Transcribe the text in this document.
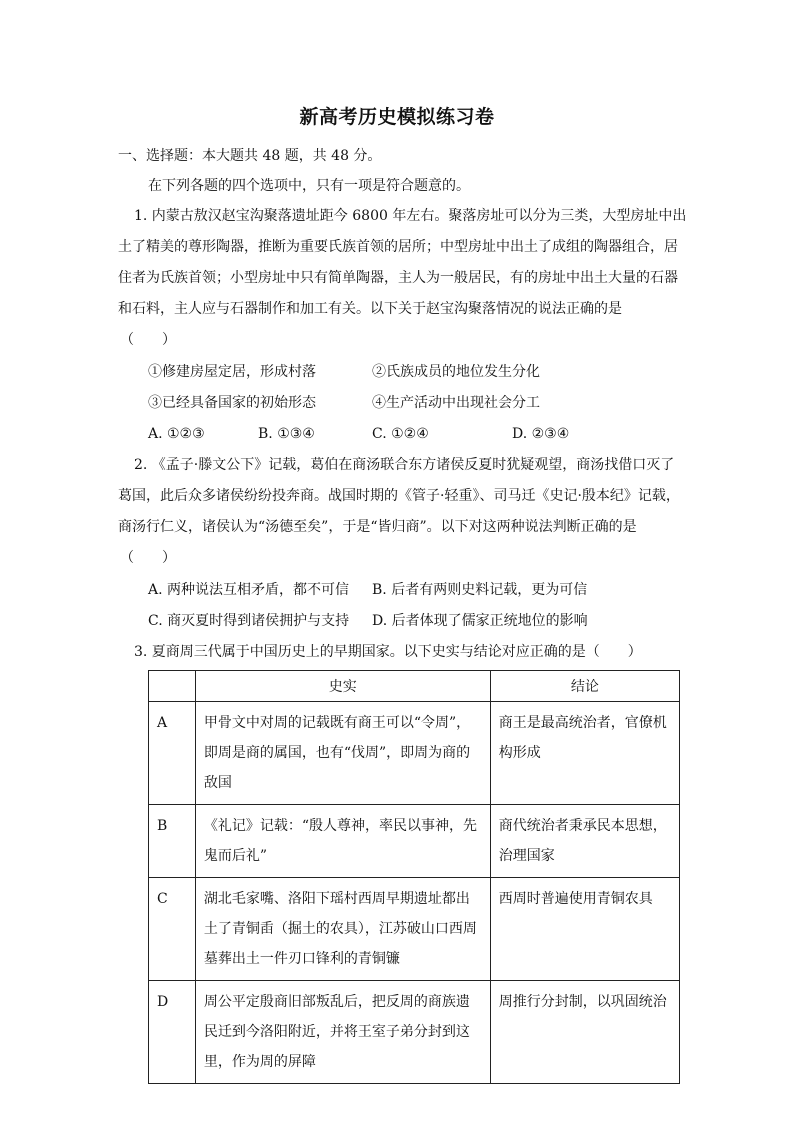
新高考历史模拟练习卷
一、选择题：本大题共 48 题，共 48 分。
在下列各题的四个选项中，只有一项是符合题意的。
1. 内蒙古敖汉赵宝沟聚落遗址距今 6800 年左右。聚落房址可以分为三类，大型房址中出
土了精美的尊形陶器，推断为重要氏族首领的居所；中型房址中出土了成组的陶器组合，居
住者为氏族首领；小型房址中只有简单陶器，主人为一般居民，有的房址中出土大量的石器
和石料，主人应与石器制作和加工有关。以下关于赵宝沟聚落情况的说法正确的是
（　　）
①修建房屋定居，形成村落	②氏族成员的地位发生分化
③已经具备国家的初始形态	④生产活动中出现社会分工
A. ①②③	B. ①③④	C. ①②④	D. ②③④
2. 《孟子·滕文公下》记载，葛伯在商汤联合东方诸侯反夏时犹疑观望，商汤找借口灭了
葛国，此后众多诸侯纷纷投奔商。战国时期的《管子·轻重》、司马迁《史记·殷本纪》记载，
商汤行仁义，诸侯认为“汤德至矣”，于是“皆归商”。以下对这两种说法判断正确的是
（　　）
A. 两种说法互相矛盾，都不可信 B. 后者有两则史料记载，更为可信
C. 商灭夏时得到诸侯拥护与支持 D. 后者体现了儒家正统地位的影响
3. 夏商周三代属于中国历史上的早期国家。以下史实与结论对应正确的是（　　）
	史实	结论

A	甲骨文中对周的记载既有商王可以“令周”，即周是商的属国，也有“伐周”，即周为商的敌国	商王是最高统治者，官僚机构形成

B	《礼记》记载：“殷人尊神，率民以事神，先鬼而后礼”	商代统治者秉承民本思想，治理国家

C	湖北毛家嘴、洛阳下瑶村西周早期遗址都出土了青铜臿（掘土的农具），江苏破山口西周墓葬出土一件刃口锋利的青铜镰	西周时普遍使用青铜农具

D	周公平定殷商旧部叛乱后，把反周的商族遗民迁到今洛阳附近，并将王室子弟分封到这里，作为周的屏障	周推行分封制，以巩固统治
